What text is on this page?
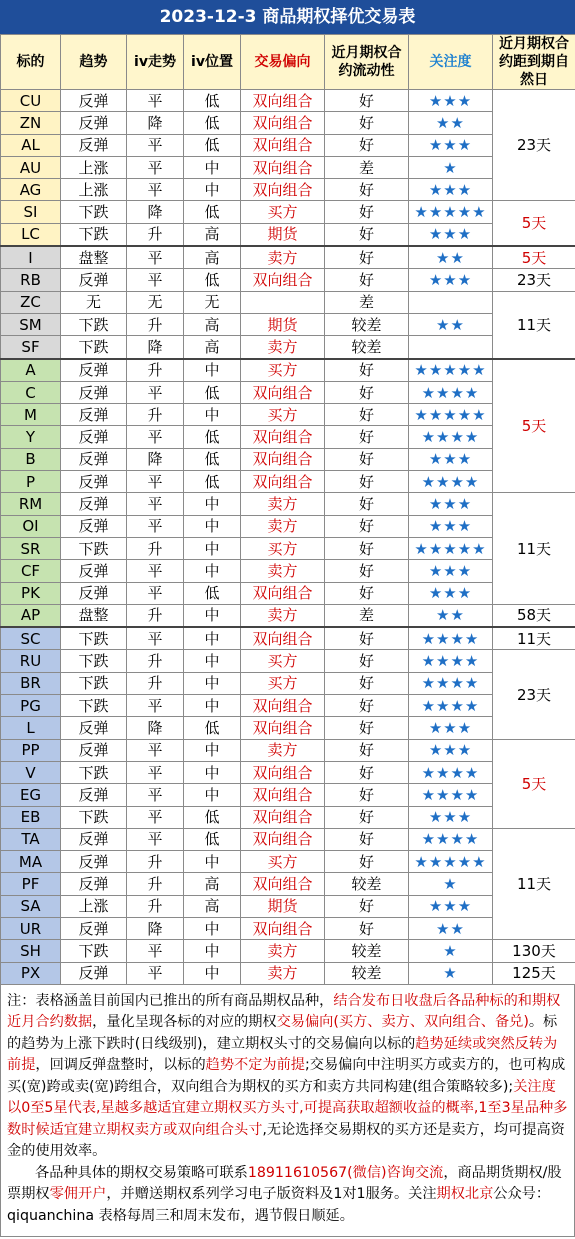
2023-12-3 商品期权择优交易表
标的	趋势	iv走势	iv位置	交易偏向	近月期权合约流动性	关注度	近月期权合约距到期自然日
CU	反弹	平	低	双向组合	好	★★★	23天
ZN	反弹	降	低	双向组合	好	★★	
AL	反弹	平	低	双向组合	好	★★★	
AU	上涨	平	中	双向组合	差	★	
AG	上涨	平	中	双向组合	好	★★★	
SI	下跌	降	低	买方	好	★★★★★	5天
LC	下跌	升	高	期货	好	★★★	
I	盘整	平	高	卖方	好	★★	5天
RB	反弹	平	低	双向组合	好	★★★	23天
ZC	无	无	无		差		11天
SM	下跌	升	高	期货	较差	★★	
SF	下跌	降	高	卖方	较差		
A	反弹	升	中	买方	好	★★★★★	5天
C	反弹	平	低	双向组合	好	★★★★	
M	反弹	升	中	买方	好	★★★★★	
Y	反弹	平	低	双向组合	好	★★★★	
B	反弹	降	低	双向组合	好	★★★	
P	反弹	平	低	双向组合	好	★★★★	
RM	反弹	平	中	卖方	好	★★★	11天
OI	反弹	平	中	卖方	好	★★★	
SR	下跌	升	中	买方	好	★★★★★	
CF	反弹	平	中	卖方	好	★★★	
PK	反弹	平	低	双向组合	好	★★★	
AP	盘整	升	中	卖方	差	★★	58天
SC	下跌	平	中	双向组合	好	★★★★	11天
RU	下跌	升	中	买方	好	★★★★	23天
BR	下跌	升	中	买方	好	★★★★	
PG	下跌	平	中	双向组合	好	★★★★	
L	反弹	降	低	双向组合	好	★★★	
PP	反弹	平	中	卖方	好	★★★	5天
V	下跌	平	中	双向组合	好	★★★★	
EG	反弹	平	中	双向组合	好	★★★★	
EB	下跌	平	低	双向组合	好	★★★	
TA	反弹	平	低	双向组合	好	★★★★	11天
MA	反弹	升	中	买方	好	★★★★★	
PF	反弹	升	高	双向组合	较差	★	
SA	上涨	升	高	期货	好	★★★	
UR	反弹	降	中	双向组合	好	★★	
SH	下跌	平	中	卖方	较差	★	130天
PX	反弹	平	中	卖方	较差	★	125天

注：表格涵盖目前国内已推出的所有商品期权品种，结合发布日收盘后各品种标的和期权近月合约数据，量化呈现各标的对应的期权交易偏向(买方、卖方、双向组合、备兑)。标的趋势为上涨下跌时(日线级别)，建立期权头寸的交易偏向以标的趋势延续或突然反转为前提，回调反弹盘整时，以标的趋势不定为前提;交易偏向中注明买方或卖方的，也可构成买(宽)跨或卖(宽)跨组合，双向组合为期权的买方和卖方共同构建(组合策略较多);关注度以0至5星代表,星越多越适宜建立期权买方头寸,可提高获取超额收益的概率,1至3星品种多数时候适宜建立期权卖方或双向组合头寸,无论选择交易期权的买方还是卖方，均可提高资金的使用效率。

各品种具体的期权交易策略可联系18911610567(微信)咨询交流，商品期货期权/股票期权零佣开户，并赠送期权系列学习电子版资料及1对1服务。关注期权北京公众号：qiquanchina 表格每周三和周末发布，遇节假日顺延。
